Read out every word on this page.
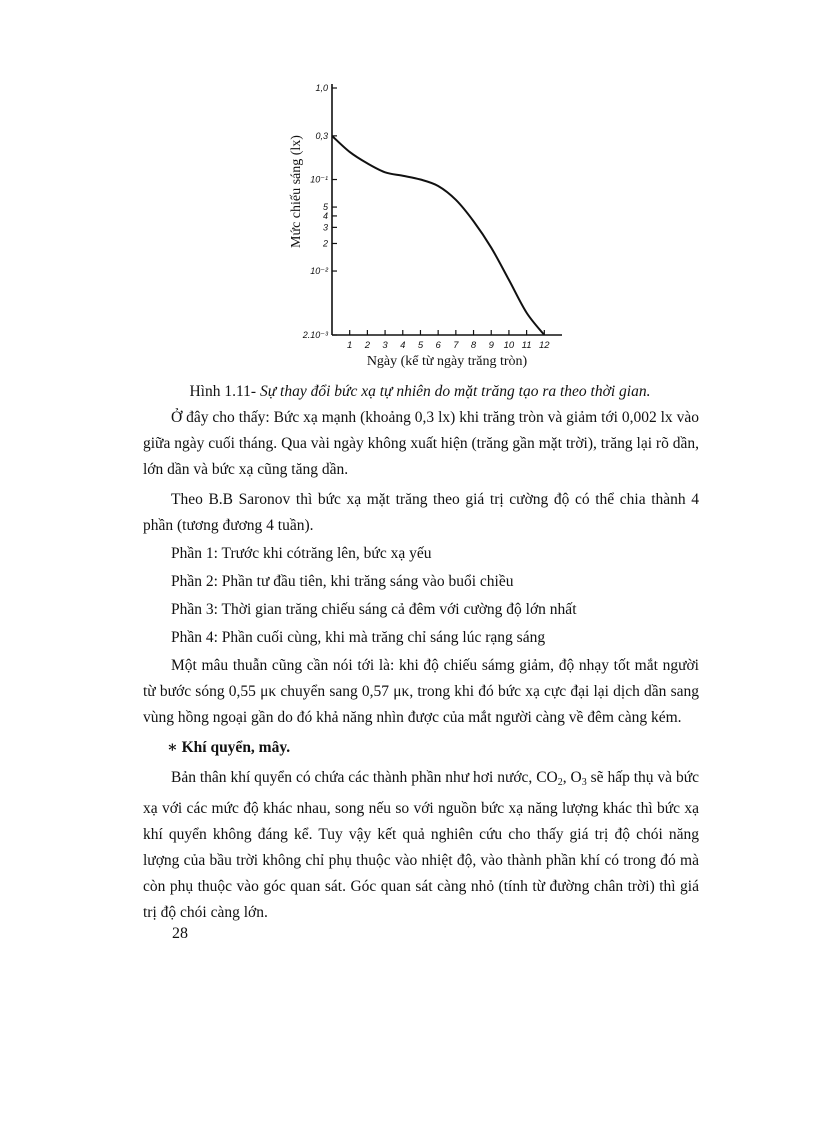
1,0
0,3
10⁻¹
5
4
3
2
10⁻²
2.10⁻³
1 2 3 4 5 6 7 8 9 10 11 12
Ngày (kể từ ngày trăng tròn)
Mức chiếu sáng (lx)
Hình 1.11- Sự thay đổi bức xạ tự nhiên do mặt trăng tạo ra theo thời gian.

Ở đây cho thấy: Bức xạ mạnh (khoảng 0,3 lx) khi trăng tròn và giảm tới 0,002 lx vào giữa ngày cuối tháng. Qua vài ngày không xuất hiện (trăng gần mặt trời), trăng lại rõ dần, lớn dần và bức xạ cũng tăng dần.

Theo B.B Saronov thì bức xạ mặt trăng theo giá trị cường độ có thể chia thành 4 phần (tương đương 4 tuần).

Phần 1: Trước khi cótrăng lên, bức xạ yếu

Phần 2: Phần tư đầu tiên, khi trăng sáng vào buổi chiều

Phần 3: Thời gian trăng chiếu sáng cả đêm với cường độ lớn nhất

Phần 4: Phần cuối cùng, khi mà trăng chỉ sáng lúc rạng sáng

Một mâu thuẫn cũng cần nói tới là: khi độ chiếu sámg giảm, độ nhạy tốt mắt người từ bước sóng 0,55 μκ chuyển sang 0,57 μκ, trong khi đó bức xạ cực đại lại dịch dần sang vùng hồng ngoại gần do đó khả năng nhìn được của mắt người càng về đêm càng kém.

∗ Khí quyển, mây.

Bản thân khí quyển có chứa các thành phần như hơi nước, $CO_2$, $O_3$ sẽ hấp thụ và bức xạ với các mức độ khác nhau, song nếu so với nguồn bức xạ năng lượng khác thì bức xạ khí quyển không đáng kể. Tuy vậy kết quả nghiên cứu cho thấy giá trị độ chói năng lượng của bầu trời không chỉ phụ thuộc vào nhiệt độ, vào thành phần khí có trong đó mà còn phụ thuộc vào góc quan sát. Góc quan sát càng nhỏ (tính từ đường chân trời) thì giá trị độ chói càng lớn.

28
